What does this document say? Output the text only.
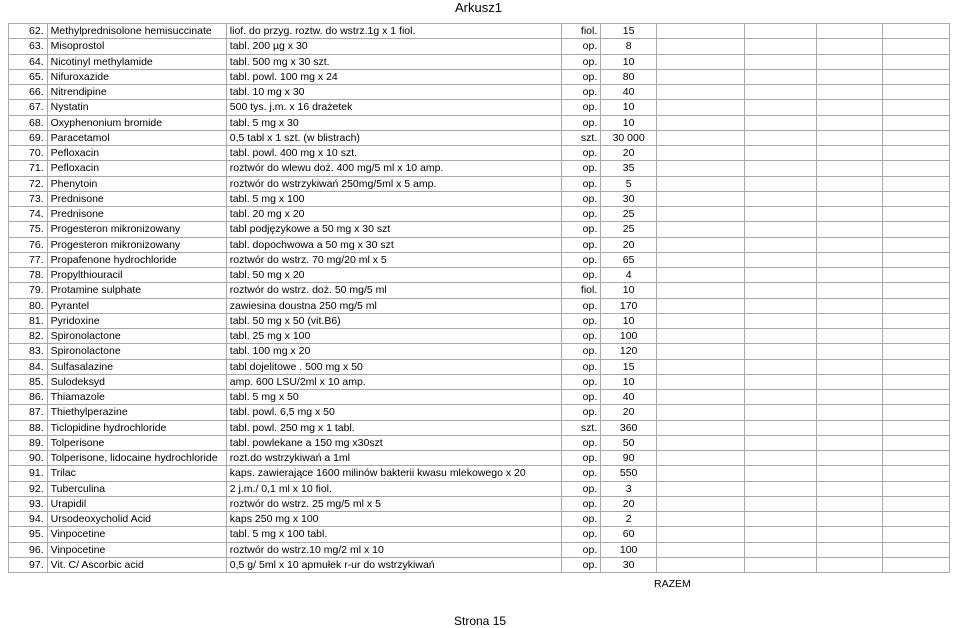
Arkusz1
62.	Methylprednisolone hemisuccinate	liof. do przyg. roztw. do wstrz.1g x 1 fiol.	fiol.	15				
63.	Misoprostol	tabl. 200 µg x 30	op.	8				
64.	Nicotinyl methylamide	tabl. 500 mg x 30 szt.	op.	10				
65.	Nifuroxazide	tabl. powl. 100 mg x 24	op.	80				
66.	Nitrendipine	tabl. 10 mg x 30	op.	40				
67.	Nystatin	500 tys. j.m. x 16 drażetek	op.	10				
68.	Oxyphenonium bromide	tabl. 5 mg x 30	op.	10				
69.	Paracetamol	0,5 tabl x 1 szt. (w blistrach)	szt.	30 000				
70.	Pefloxacin	tabl. powl. 400 mg x 10 szt.	op.	20				
71.	Pefloxacin	roztwór do wlewu doż. 400 mg/5 ml x 10 amp.	op.	35				
72.	Phenytoin	roztwór do wstrzykiwań 250mg/5ml x 5 amp.	op.	5				
73.	Prednisone	tabl. 5 mg x 100	op.	30				
74.	Prednisone	tabl. 20 mg x 20	op.	25				
75.	Progesteron mikronizowany	tabl podjęzykowe a 50 mg x 30 szt	op.	25				
76.	Progesteron mikronizowany	tabl. dopochwowa a 50 mg x 30 szt	op.	20				
77.	Propafenone hydrochloride	roztwór do wstrz. 70 mg/20 ml x 5	op.	65				
78.	Propylthiouracil	tabl. 50 mg x 20	op.	4				
79.	Protamine sulphate	roztwór do wstrz. doż. 50 mg/5 ml	fiol.	10				
80.	Pyrantel	zawiesina doustna 250 mg/5 ml	op.	170				
81.	Pyridoxine	tabl. 50 mg x 50 (vit.B6)	op.	10				
82.	Spironolactone	tabl. 25 mg x 100	op.	100				
83.	Spironolactone	tabl. 100 mg x 20	op.	120				
84.	Sulfasalazine	tabl dojelitowe . 500 mg x 50	op.	15				
85.	Sulodeksyd	amp. 600 LSU/2ml x 10 amp.	op.	10				
86.	Thiamazole	tabl. 5 mg x 50	op.	40				
87.	Thiethylperazine	tabl. powl. 6,5 mg x 50	op.	20				
88.	Ticlopidine hydrochloride	tabl. powl. 250 mg x 1 tabl.	szt.	360				
89.	Tolperisone	tabl. powlekane a 150 mg x30szt	op.	50				
90.	Tolperisone, lidocaine hydrochloride	rozt.do wstrzykiwań a 1ml	op.	90				
91.	Trilac	kaps. zawierające 1600 milinów bakterii kwasu mlekowego x 20	op.	550				
92.	Tuberculina	2 j.m./ 0,1 ml x 10 fiol.	op.	3				
93.	Urapidil	roztwór do wstrz. 25 mg/5 ml x 5	op.	20				
94.	Ursodeoxycholid Acid	kaps 250 mg x 100	op.	2				
95.	Vinpocetine	tabl. 5 mg x 100 tabl.	op.	60				
96.	Vinpocetine	roztwór do wstrz.10 mg/2 ml x 10	op.	100				
97.	Vit. C/ Ascorbic acid	0,5 g/ 5ml x 10 apmułek r-ur do wstrzykiwań	op.	30				
RAZEM
Strona 15
